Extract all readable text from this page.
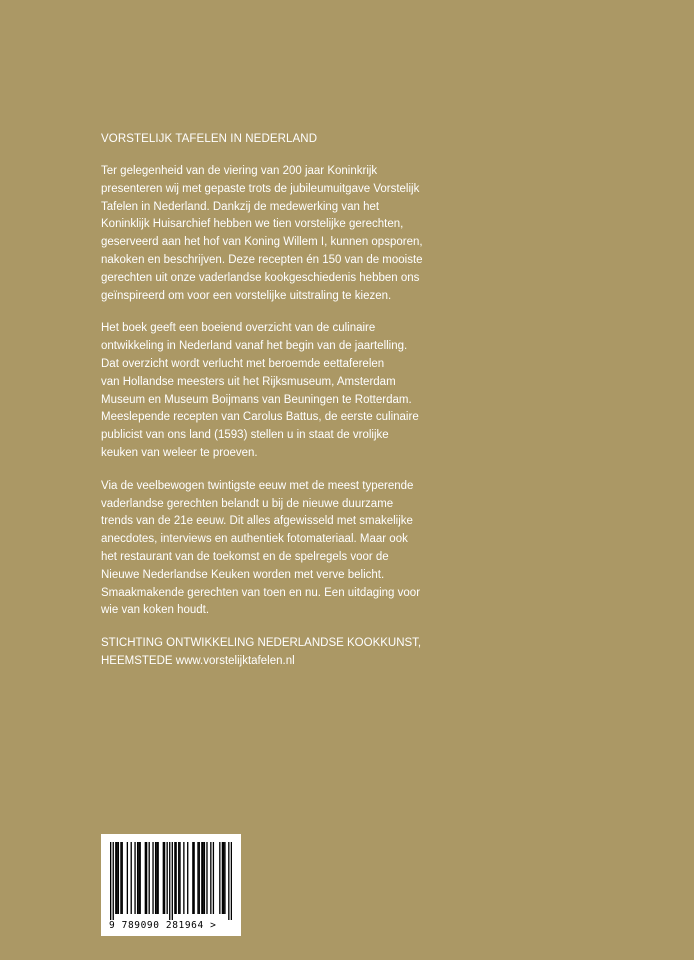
VORSTELIJK TAFELEN IN NEDERLAND
Ter gelegenheid van de viering van 200 jaar Koninkrijk
presenteren wij met gepaste trots de jubileumuitgave Vorstelijk
Tafelen in Nederland. Dankzij de medewerking van het
Koninklijk Huisarchief hebben we tien vorstelijke gerechten,
geserveerd aan het hof van Koning Willem I, kunnen opsporen,
nakoken en beschrijven. Deze recepten én 150 van de mooiste
gerechten uit onze vaderlandse kookgeschiedenis hebben ons
geïnspireerd om voor een vorstelijke uitstraling te kiezen.
Het boek geeft een boeiend overzicht van de culinaire
ontwikkeling in Nederland vanaf het begin van de jaartelling.
Dat overzicht wordt verlucht met beroemde eettaferelen
van Hollandse meesters uit het Rijksmuseum, Amsterdam
Museum en Museum Boijmans van Beuningen te Rotterdam.
Meeslepende recepten van Carolus Battus, de eerste culinaire
publicist van ons land (1593) stellen u in staat de vrolijke
keuken van weleer te proeven.
Via de veelbewogen twintigste eeuw met de meest typerende
vaderlandse gerechten belandt u bij de nieuwe duurzame
trends van de 21e eeuw. Dit alles afgewisseld met smakelijke
anecdotes, interviews en authentiek fotomateriaal. Maar ook
het restaurant van de toekomst en de spelregels voor de
Nieuwe Nederlandse Keuken worden met verve belicht.
Smaakmakende gerechten van toen en nu. Een uitdaging voor
wie van koken houdt.
STICHTING ONTWIKKELING NEDERLANDSE KOOKKUNST,
HEEMSTEDE www.vorstelijktafelen.nl
9 789090 281964 >
